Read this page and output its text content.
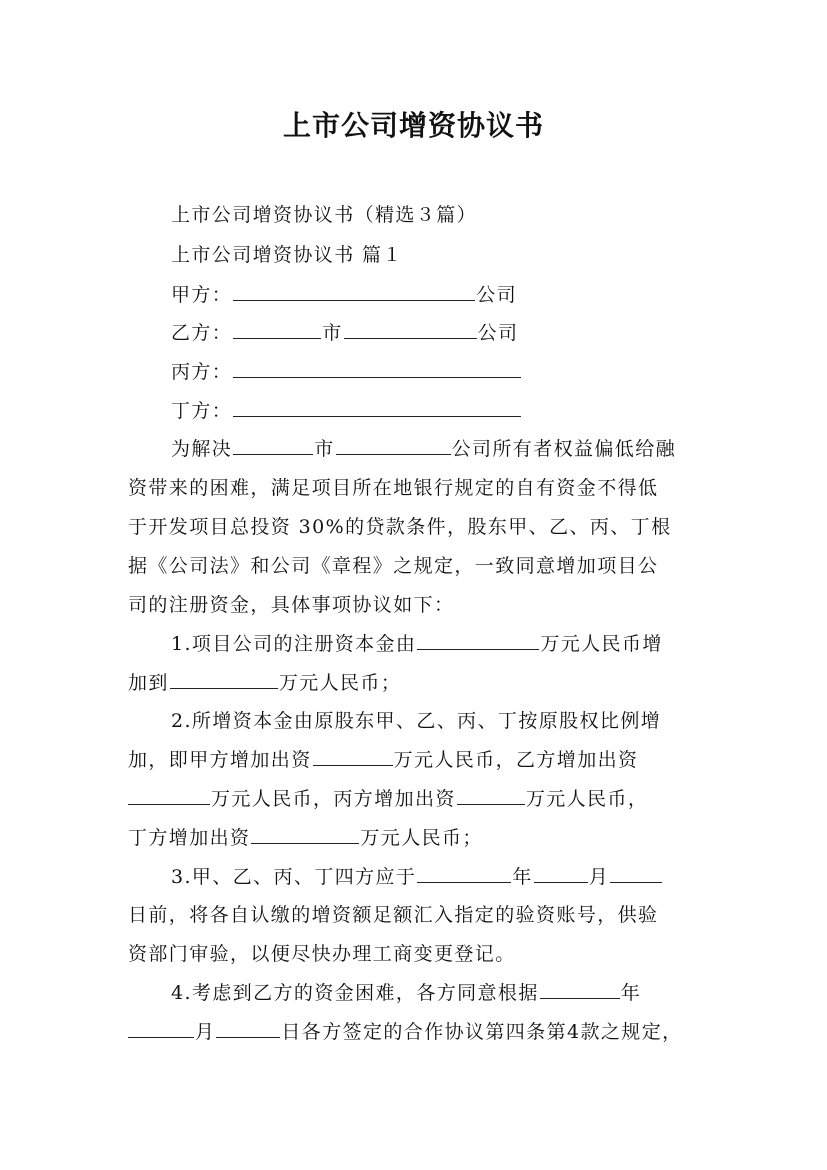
上市公司增资协议书
上市公司增资协议书（精选３篇）
上市公司增资协议书 篇１
甲方：	公司
乙方：	市	公司
丙方：
丁方：
为解决	市	公司所有者权益偏低给融
资带来的困难，满足项目所在地银行规定的自有资金不得低
于开发项目总投资 30%的贷款条件，股东甲、乙、丙、丁根
据《公司法》和公司《章程》之规定，一致同意增加项目公
司的注册资金，具体事项协议如下：
1.项目公司的注册资本金由	万元人民币增
加到	万元人民币；
2.所增资本金由原股东甲、乙、丙、丁按原股权比例增
加，即甲方增加出资	万元人民币，乙方增加出资
万元人民币，丙方增加出资	万元人民币，
丁方增加出资	万元人民币；
3.甲、乙、丙、丁四方应于	年	月
日前，将各自认缴的增资额足额汇入指定的验资账号，供验
资部门审验，以便尽快办理工商变更登记。
4.考虑到乙方的资金困难，各方同意根据	年
月	日各方签定的合作协议第四条第4款之规定，
